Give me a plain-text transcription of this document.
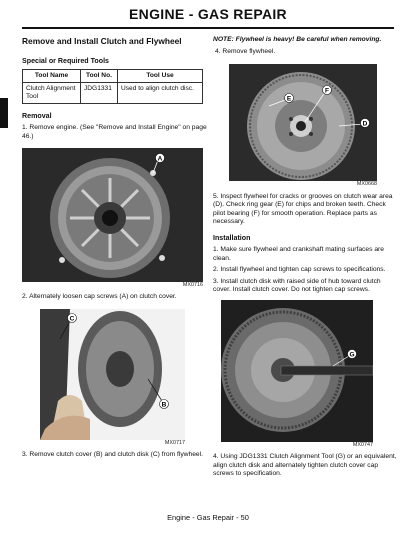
ENGINE - GAS REPAIR
Remove and Install Clutch and Flywheel
Special or Required Tools
Tool Name	Tool No.	Tool Use
Clutch Alignment Tool	JDG1331	Used to align clutch disc.
Removal

1. Remove engine. (See "Remove and Install Engine" on page 46.)

A
MX0716

2. Alternately loosen cap screws (A) on clutch cover.

C
B
MX0717

3. Remove clutch cover (B) and clutch disk (C) from flywheel.

NOTE: Flywheel is heavy! Be careful when removing.

4. Remove flywheel.

E
F
D
MX0668

5. Inspect flywheel for cracks or grooves on clutch wear area (D). Check ring gear (E) for chips and broken teeth. Check pilot bearing (F) for smooth operation. Replace parts as necessary.

Installation

1. Make sure flywheel and crankshaft mating surfaces are clean.

2. Install flywheel and tighten cap screws to specifications.

3. Install clutch disk with raised side of hub toward clutch cover. Install clutch cover. Do not tighten cap screws.

G
MX0747

4. Using JDG1331 Clutch Alignment Tool (G) or an equivalent, align clutch disk and alternately tighten clutch cover cap screws to specification.

Engine - Gas Repair - 50
